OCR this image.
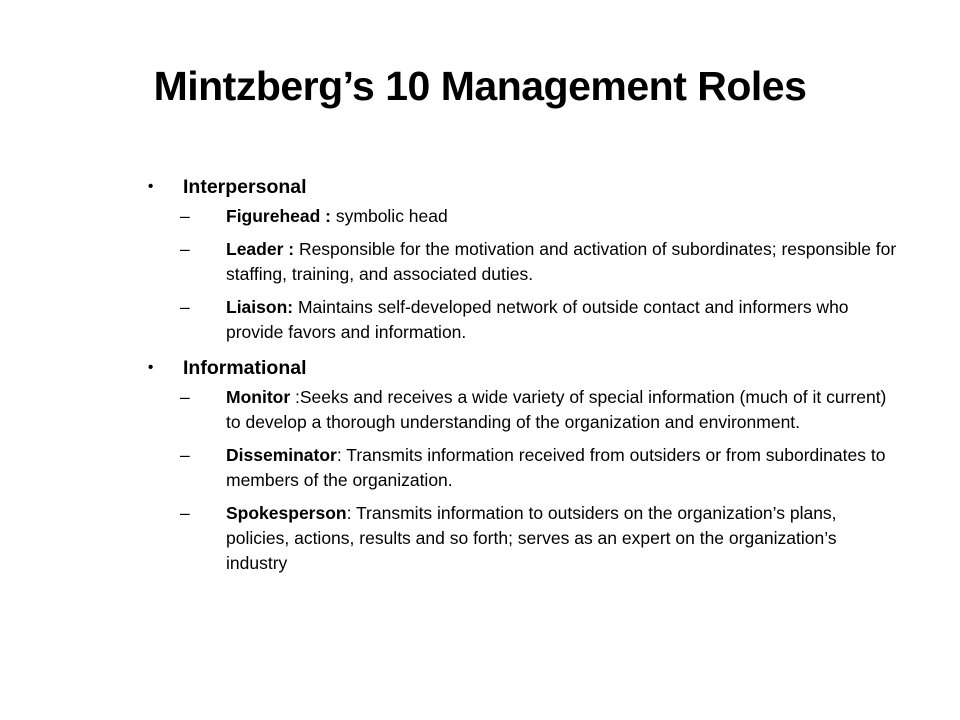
Mintzberg’s 10 Management Roles
• Interpersonal
– Figurehead : symbolic head
– Leader : Responsible for the motivation and activation of subordinates; responsible for staffing, training, and associated duties.
– Liaison: Maintains self-developed network of outside contact and informers who provide favors and information.
• Informational
– Monitor :Seeks and receives a wide variety of special information (much of it current) to develop a thorough understanding of the organization and environment.
– Disseminator: Transmits information received from outsiders or from subordinates to members of the organization.
– Spokesperson: Transmits information to outsiders on the organization’s plans, policies, actions, results and so forth; serves as an expert on the organization’s industry
